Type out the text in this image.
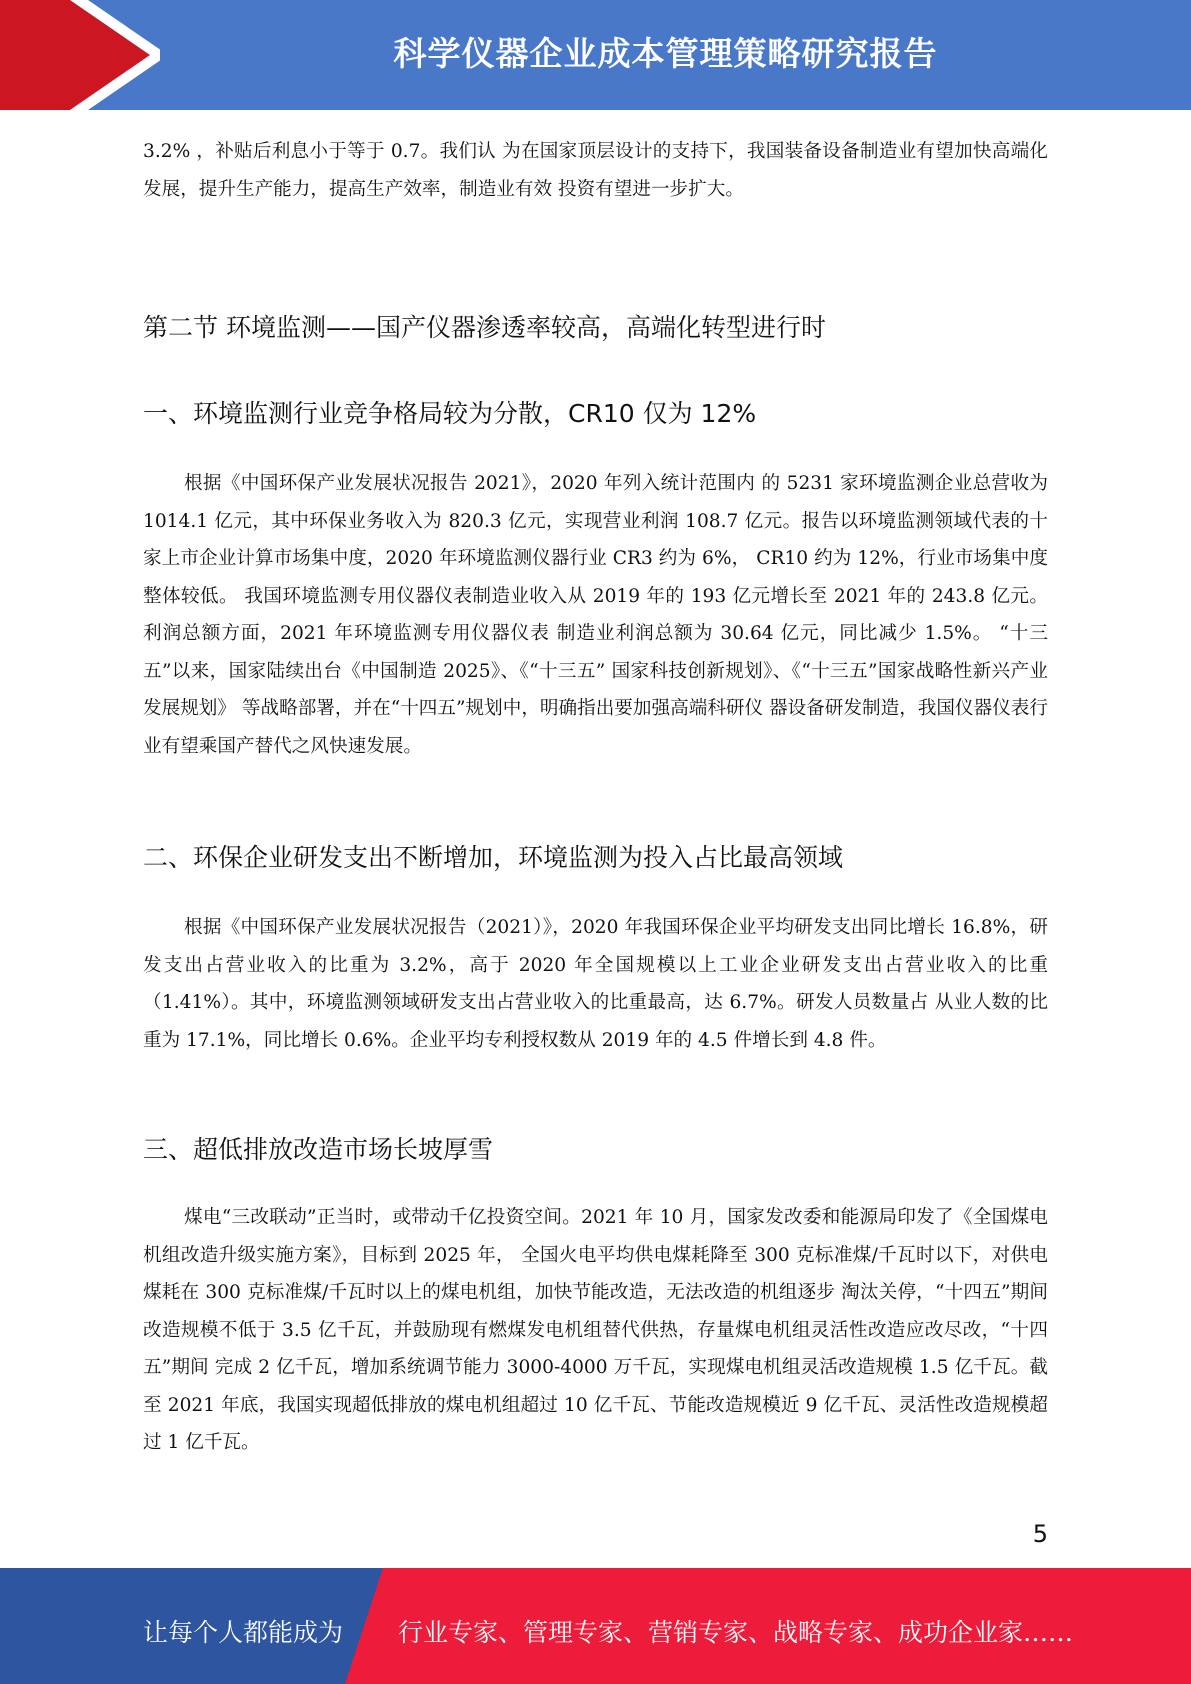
科学仪器企业成本管理策略研究报告

3.2% ，补贴后利息小于等于 0.7。我们认 为在国家顶层设计的支持下，我国装备设备制造业有望加快高端化发展，提升生产能力，提高生产效率，制造业有效 投资有望进一步扩大。

第二节 环境监测——国产仪器渗透率较高，高端化转型进行时
一、环境监测行业竞争格局较为分散，CR10 仅为 12%

根据《中国环保产业发展状况报告 2021》，2020 年列入统计范围内 的 5231 家环境监测企业总营收为 1014.1 亿元，其中环保业务收入为 820.3 亿元，实现营业利润 108.7 亿元。报告以环境监测领域代表的十 家上市企业计算市场集中度，2020 年环境监测仪器行业 CR3 约为 6%， CR10 约为 12%，行业市场集中度整体较低。 我国环境监测专用仪器仪表制造业收入从 2019 年的 193 亿元增长至 2021 年的 243.8 亿元。利润总额方面，2021 年环境监测专用仪器仪表 制造业利润总额为 30.64 亿元，同比减少 1.5%。 “十三五”以来，国家陆续出台《中国制造 2025》、《“十三五” 国家科技创新规划》、《“十三五”国家战略性新兴产业发展规划》 等战略部署，并在“十四五”规划中，明确指出要加强高端科研仪 器设备研发制造，我国仪器仪表行业有望乘国产替代之风快速发展。

二、环保企业研发支出不断增加，环境监测为投入占比最高领域

根据《中国环保产业发展状况报告（2021）》，2020 年我国环保企业平均研发支出同比增长 16.8%，研发支出占营业收入的比重为 3.2%，高于 2020 年全国规模以上工业企业研发支出占营业收入的比重（1.41%）。其中，环境监测领域研发支出占营业收入的比重最高，达 6.7%。研发人员数量占 从业人数的比重为 17.1%，同比增长 0.6%。企业平均专利授权数从 2019 年的 4.5 件增长到 4.8 件。

三、超低排放改造市场长坡厚雪

煤电“三改联动”正当时，或带动千亿投资空间。2021 年 10 月，国家发改委和能源局印发了《全国煤电机组改造升级实施方案》，目标到 2025 年， 全国火电平均供电煤耗降至 300 克标准煤/千瓦时以下，对供电煤耗在 300 克标准煤/千瓦时以上的煤电机组，加快节能改造，无法改造的机组逐步 淘汰关停，“十四五”期间改造规模不低于 3.5 亿千瓦，并鼓励现有燃煤发电机组替代供热，存量煤电机组灵活性改造应改尽改，“十四五”期间 完成 2 亿千瓦，增加系统调节能力 3000-4000 万千瓦，实现煤电机组灵活改造规模 1.5 亿千瓦。截至 2021 年底，我国实现超低排放的煤电机组超过 10 亿千瓦、节能改造规模近 9 亿千瓦、灵活性改造规模超过 1 亿千瓦。

5
让每个人都能成为 行业专家、管理专家、营销专家、战略专家、成功企业家……
